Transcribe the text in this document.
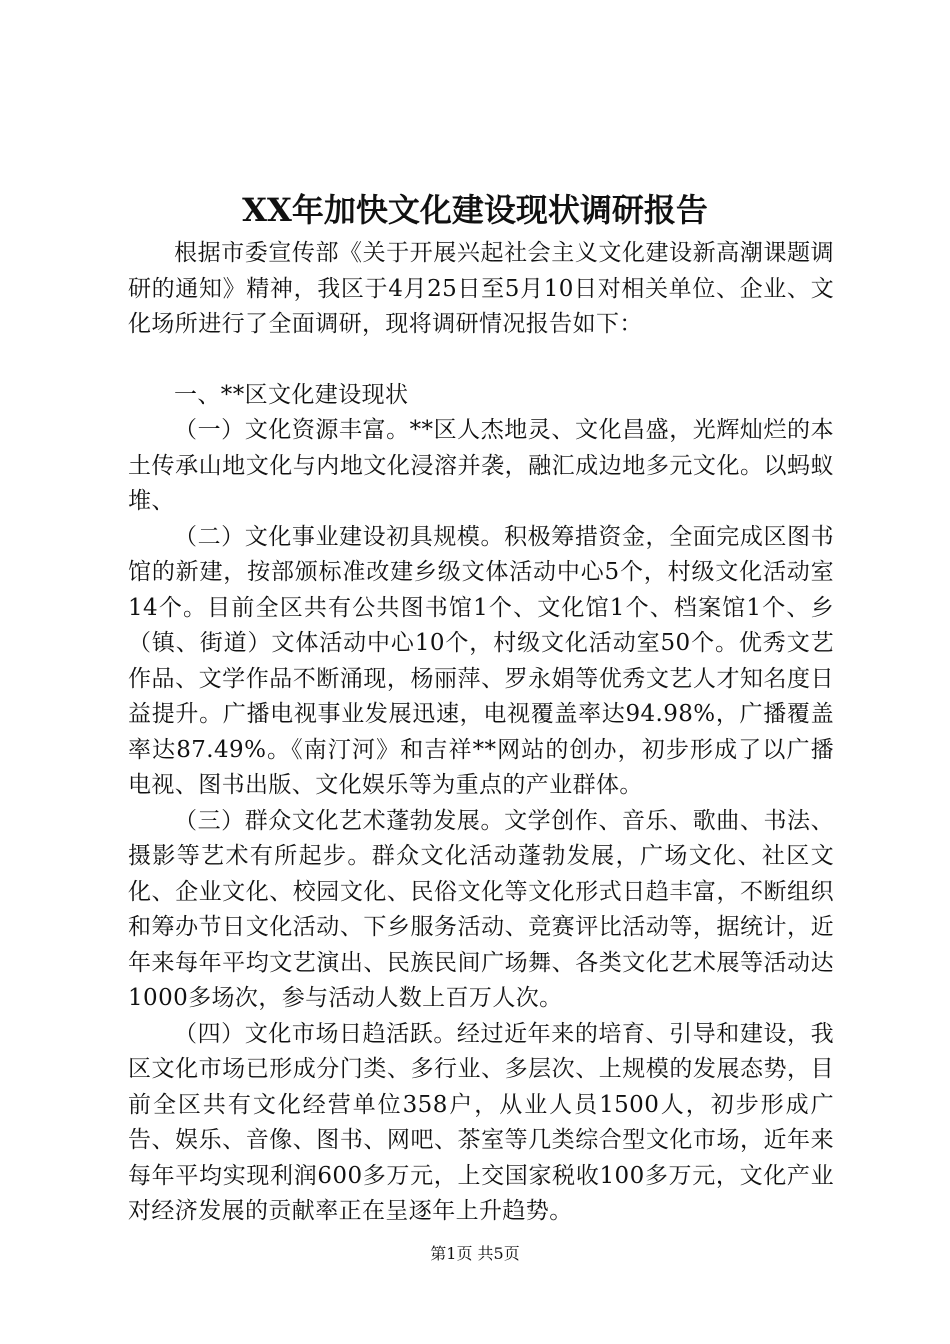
XX年加快文化建设现状调研报告

根据市委宣传部《关于开展兴起社会主义文化建设新高潮课题调研的通知》精神，我区于4月25日至5月10日对相关单位、企业、文化场所进行了全面调研，现将调研情况报告如下：

一、**区文化建设现状

（一）文化资源丰富。**区人杰地灵、文化昌盛，光辉灿烂的本土传承山地文化与内地文化浸溶并袭，融汇成边地多元文化。以蚂蚁堆、

（二）文化事业建设初具规模。积极筹措资金，全面完成区图书馆的新建，按部颁标准改建乡级文体活动中心5个，村级文化活动室14个。目前全区共有公共图书馆1个、文化馆1个、档案馆1个、乡（镇、街道）文体活动中心10个，村级文化活动室50个。优秀文艺作品、文学作品不断涌现，杨丽萍、罗永娟等优秀文艺人才知名度日益提升。广播电视事业发展迅速，电视覆盖率达94.98%，广播覆盖率达87.49%。《南汀河》和吉祥**网站的创办，初步形成了以广播电视、图书出版、文化娱乐等为重点的产业群体。

（三）群众文化艺术蓬勃发展。文学创作、音乐、歌曲、书法、摄影等艺术有所起步。群众文化活动蓬勃发展，广场文化、社区文化、企业文化、校园文化、民俗文化等文化形式日趋丰富，不断组织和筹办节日文化活动、下乡服务活动、竞赛评比活动等，据统计，近年来每年平均文艺演出、民族民间广场舞、各类文化艺术展等活动达1000多场次，参与活动人数上百万人次。

（四）文化市场日趋活跃。经过近年来的培育、引导和建设，我区文化市场已形成分门类、多行业、多层次、上规模的发展态势，目前全区共有文化经营单位358户，从业人员1500人，初步形成广告、娱乐、音像、图书、网吧、茶室等几类综合型文化市场，近年来每年平均实现利润600多万元，上交国家税收100多万元，文化产业对经济发展的贡献率正在呈逐年上升趋势。

第1页 共5页
